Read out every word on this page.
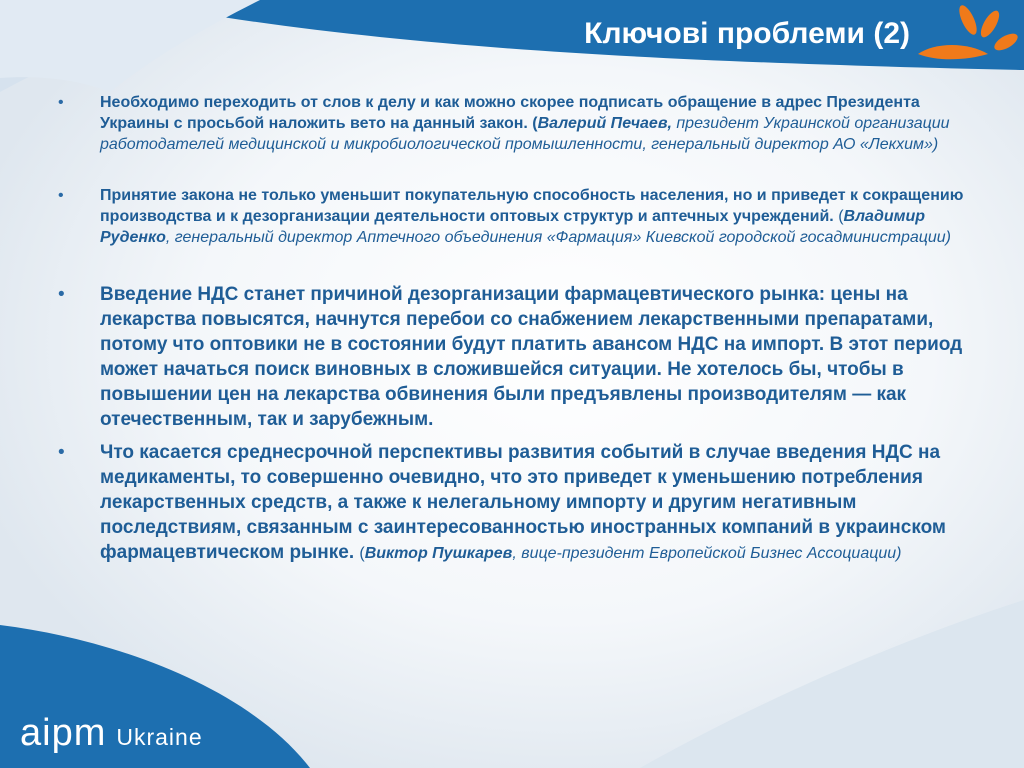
Ключові проблеми (2)
• Необходимо переходить от слов к делу и как можно скорее подписать обращение в адрес Президента Украины с просьбой наложить вето на данный закон. (Валерий Печаев, президент Украинской организации работодателей медицинской и микробиологической промышленности, генеральный директор АО «Лекхим»)
• Принятие закона не только уменьшит покупательную способность населения, но и приведет к сокращению производства и к дезорганизации деятельности оптовых структур и аптечных учреждений. (Владимир Руденко, генеральный директор Аптечного объединения «Фармация» Киевской городской госадминистрации)
• Введение НДС станет причиной дезорганизации фармацевтического рынка: цены на лекарства повысятся, начнутся перебои со снабжением лекарственными препаратами, потому что оптовики не в состоянии будут платить авансом НДС на импорт. В этот период может начаться поиск виновных в сложившейся ситуации. Не хотелось бы, чтобы в повышении цен на лекарства обвинения были предъявлены производителям — как отечественным, так и зарубежным.
• Что касается среднесрочной перспективы развития событий в случае введения НДС на медикаменты, то совершенно очевидно, что это приведет к уменьшению потребления лекарственных средств, а также к нелегальному импорту и другим негативным последствиям, связанным с заинтересованностью иностранных компаний в украинском фармацевтическом рынке. (Виктор Пушкарев, вице-президент Европейской Бизнес Ассоциации)
aipm Ukraine
